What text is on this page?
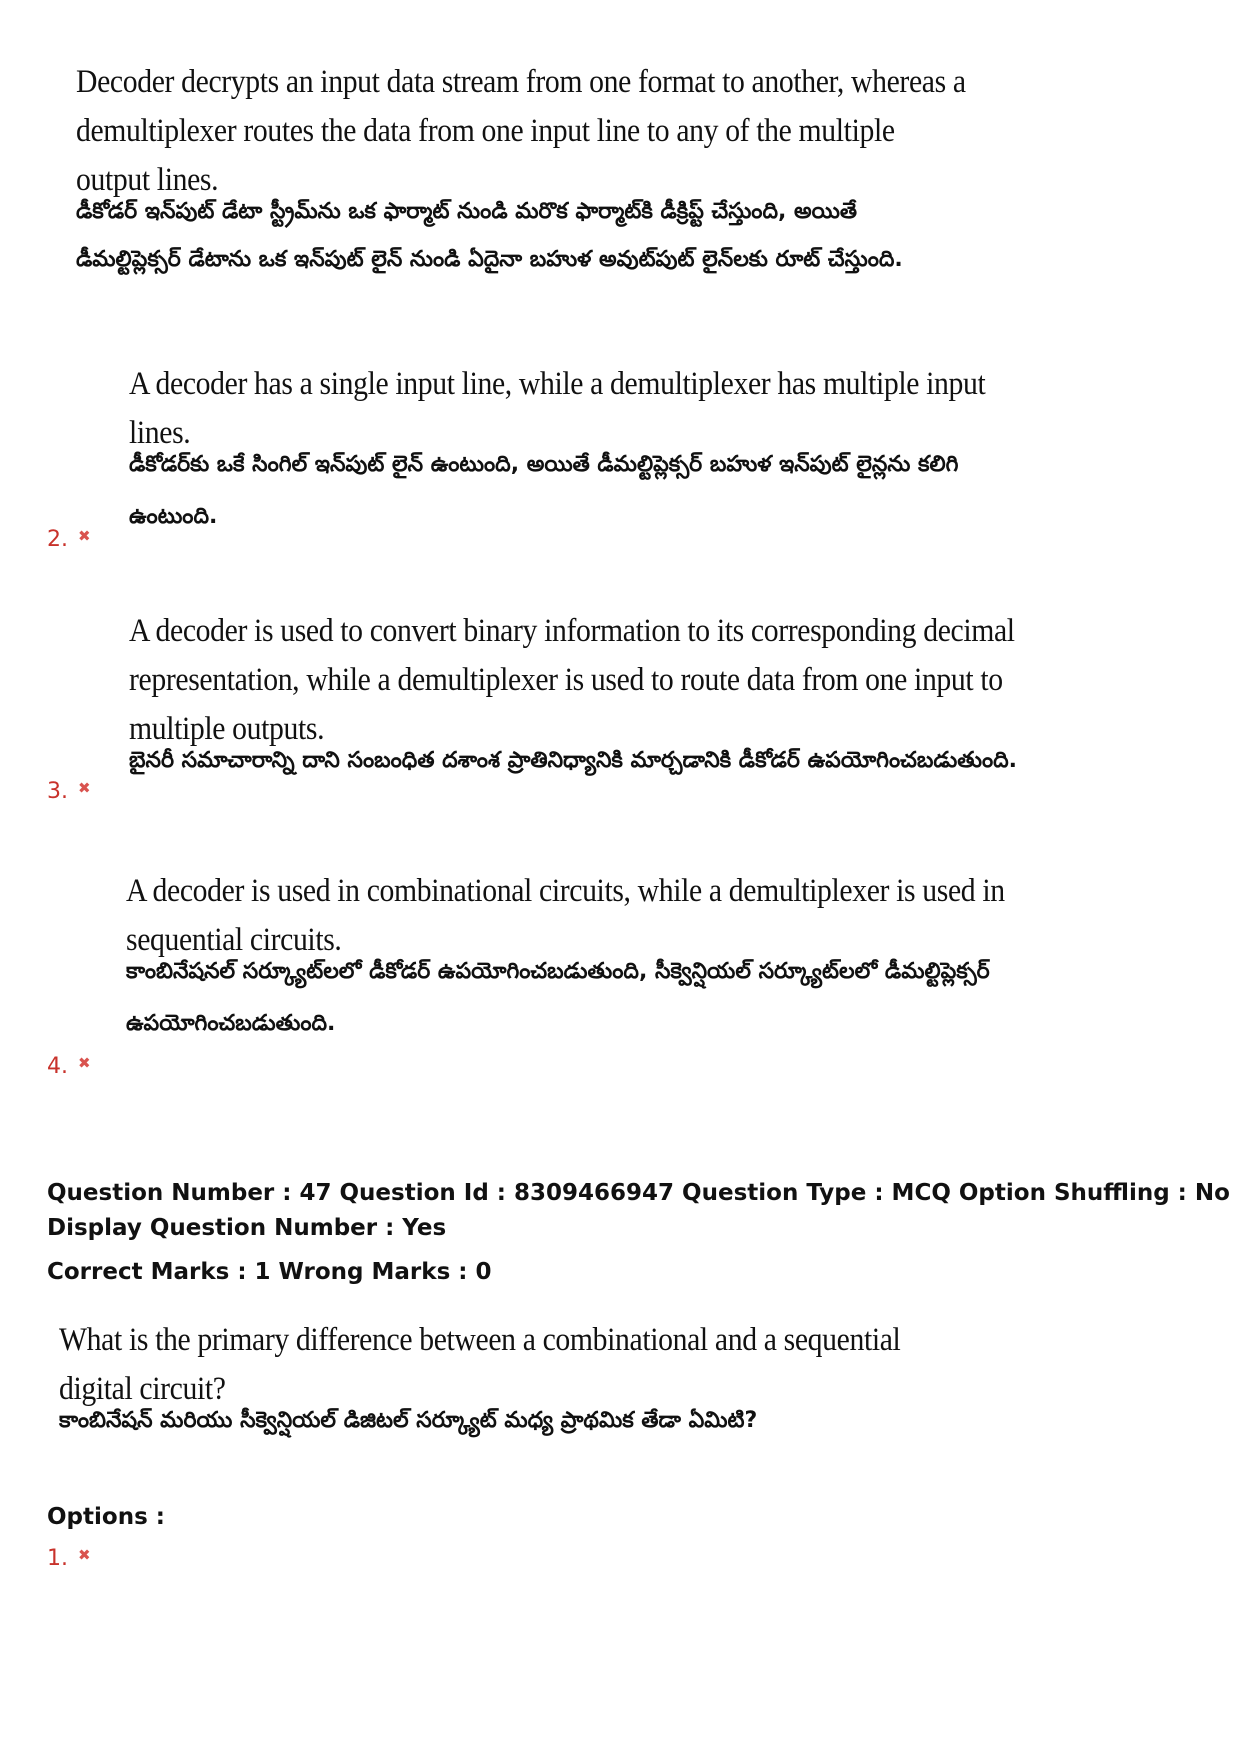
Decoder decrypts an input data stream from one format to another, whereas a
demultiplexer routes the data from one input line to any of the multiple
output lines.
డీకోడర్ ఇన్‌పుట్ డేటా స్ట్రీమ్‌ను ఒక ఫార్మాట్ నుండి మరొక ఫార్మాట్‌కి డీక్రిప్ట్ చేస్తుంది, అయితే
డీమల్టిప్లెక్సర్ డేటాను ఒక ఇన్‌పుట్ లైన్ నుండి ఏదైనా బహుళ అవుట్‌పుట్ లైన్‌లకు రూట్ చేస్తుంది.
A decoder has a single input line, while a demultiplexer has multiple input
lines.
డీకోడర్‌కు ఒకే సింగిల్ ఇన్‌పుట్ లైన్ ఉంటుంది, అయితే డీమల్టిప్లెక్సర్ బహుళ ఇన్‌పుట్ లైన్లను కలిగి
ఉంటుంది.
2. ✖
A decoder is used to convert binary information to its corresponding decimal
representation, while a demultiplexer is used to route data from one input to
multiple outputs.
బైనరీ సమాచారాన్ని దాని సంబంధిత దశాంశ ప్రాతినిధ్యానికి మార్చడానికి డీకోడర్ ఉపయోగించబడుతుంది.
3. ✖
A decoder is used in combinational circuits, while a demultiplexer is used in
sequential circuits.
కాంబినేషనల్ సర్క్యూట్‌లలో డీకోడర్ ఉపయోగించబడుతుంది, సీక్వెన్షియల్ సర్క్యూట్‌లలో డీమల్టిప్లెక్సర్
ఉపయోగించబడుతుంది.
4. ✖
Question Number : 47 Question Id : 8309466947 Question Type : MCQ Option Shuffling : No
Display Question Number : Yes
Correct Marks : 1 Wrong Marks : 0
What is the primary difference between a combinational and a sequential
digital circuit?
కాంబినేషన్ మరియు సీక్వెన్షియల్ డిజిటల్ సర్క్యూట్ మధ్య ప్రాథమిక తేడా ఏమిటి?
Options :
1. ✖
